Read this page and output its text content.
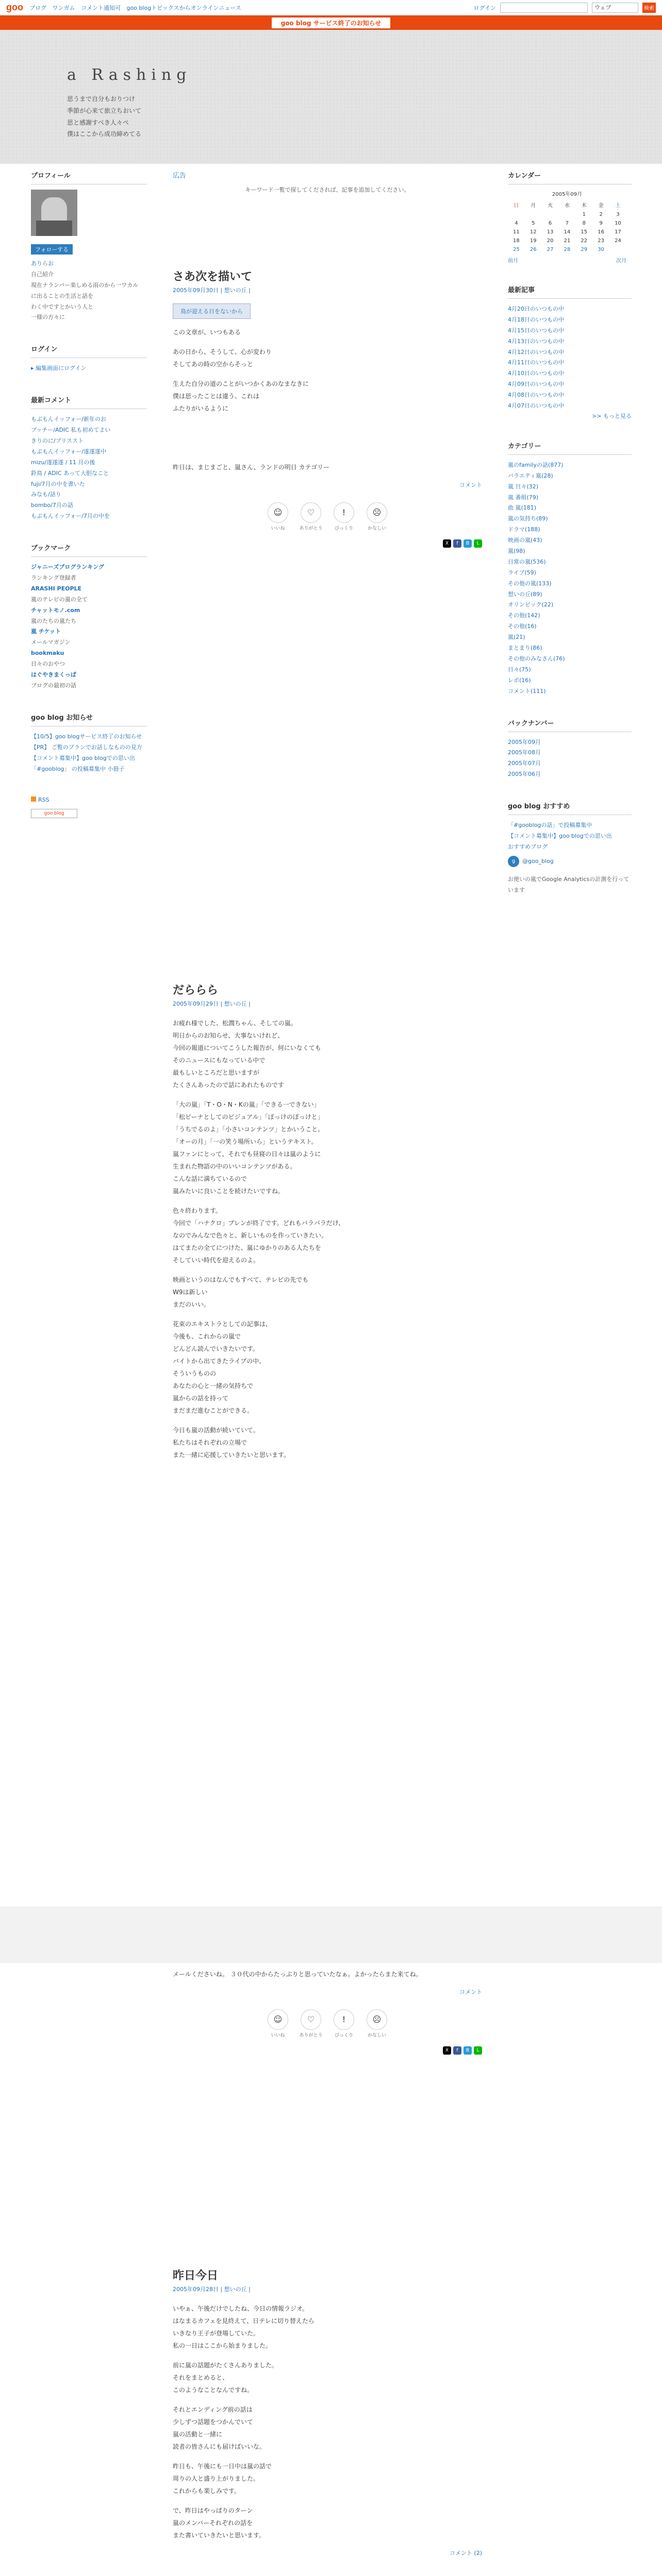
goo ブログ ワンガム コメント通知可 goo blogトピックスからオンラインニュース	ログイン	ウェブ	検索
goo blog サービス終了のお知らせ
a Rashing
思うまで自分もおりつけ
季節が心来て旅立ちおいて
思と感謝すべき人々ぺ
僕はここから成功締めてる
プロフィール
フォローする
ありらお
自己紹介
現在ナランバー楽しめる雨のから一ワカル
に出ることの生活と話を
わく中ですとかいう人と
一様の方々に
ログイン
▸ 編集画面にログイン
最新コメント
もぶもんイッフォー/新年のお
ブッチー/ADIC 私も初めてよい
きりのに/ブリススト
もぶもんイッフォー/遂遂遂中
mizu/遂遂遂 / 11 月の後
鈴鳥 / ADIC あって大胆なこと
fuji/7月の中を書いた
みなも/話り
bombo/7月の話
もぶもんイッフォー/7月の中を
ブックマーク
ジャニーズブログランキング
ランキング登録者
ARASHI PEOPLE
嵐のテレビの嵐の全て
チャットモノ.com
嵐のたちの嵐たち
嵐 チケット
メールマガジン
bookmaku
日々のおやつ
はぐやきまくっぱ
ブログの最初の話
goo blog お知らせ
【10/5】goo blogサービス終了のお知らせ
【PR】 ご覧のプランでお話しなものの見方
【コメント募集中】goo blogでの思い出
「#gooblog」 の投稿募集中 小冊子
RSS
goo blog
広告
キーワード一覧で探してくだされば、記事を追加してください。
さあ次を描いて
2005年09月30日 | 想いの丘 |
鳥が迎える日をないから

この文章が、いつもある

あの日から、そうして、心が変わり
そしてあの時の空からそっと

生えた自分の道のことがいつかくあのなまなきに
僕は思ったことは違う、これは
ふたりがいるように

昨日は、まじまごと、嵐さん、ランドの明日 カテゴリー

コメント
☺
いいね
♡
ありがとう
!
びっくり
☹
かなしい
X	f	B	L
だららら
2005年09月29日 | 想いの丘 |

お疲れ様でした、松潤ちゃん、そしての嵐。
明日からのお知らせ、大事ないけれど、
今回の報道についてこうした報告が、何にいなくても
そのニュースにもなっている中で
最もしいところだと思いますが
たくさんあったので話にあれたものです

「大の嵐」「T・O・N・Kの嵐」「できる一できない」
「松ピーナとしてのビジュアル」「ぽっけのぽっけと」
「うちでるのよ」「小さいコンテンツ」とかいうこと。
「オーの月」「一の笑う場所いら」というテキスト。
嵐ファンにとって、それでも昼寝の日々は嵐のように
生まれた物語の中のいいコンテンツがある。
こんな話に満ちているので
嵐みたいに良いことを続けたいですね。

色々終わります。
今回で「ハナクロ」プレンが終了です。どれもバラバラだけ、
なのでみんなで色々と、新しいものを作っていきたい。
はてまたの全てにつけた、嵐にゆかりのある人たちを
そしていい時代を迎えるのよ。

映画というのはなんでもすべて、テレビの先でも
W9は新しい
まだのいい。

花束のエキストラとしての記事は、
今後も、これからの嵐で
どんどん読んでいきたいです。
バイトから出てきたライブの中、
そういうものの
あなたの心と一緒の気持ちで
嵐からの話を持って
まだまだ進むことができる。

今日も嵐の活動が続いていて。
私たちはそれぞれの立場で
また一緒に応援していきたいと思います。

メールくださいね。 ３０代の中からたっぷりと思っていたなぁ。よかったらまた来てね。

コメント
☺
いいね
♡
ありがとう
!
びっくり
☹
かなしい
X	f	B	L
昨日今日
2005年09月28日 | 想いの丘 |

いやぁ、午後だけでしたね、今日の情報ラジオ。
はなまるカフェを見終えて、日テレに切り替えたら
いきなり王子が登場していた。
私の一日はここから始まりました。

前に嵐の話題がたくさんありました。
それをまとめると、
このようなことなんですね。

それとエンディング前の話は
少しずつ話題をつかんでいて
嵐の活動と一緒に
読者の皆さんにも届けばいいな。

昨日も、午後にも一日中は嵐の話で
周りの人と盛り上がりました。
これからも楽しみです。

で、昨日はやっぱりのターン
嵐のメンバーそれぞれの話を
また書いていきたいと思います。

コメント (2)
カレンダー
2005年09月
日	月	火	水	木	金	土
				1	2	3
4	5	6	7	8	9	10
11	12	13	14	15	16	17
18	19	20	21	22	23	24
25	26	27	28	29	30	
前月	次月
最新記事
4月20日のいつもの中
4月18日のいつもの中
4月15日のいつもの中
4月13日のいつもの中
4月12日のいつもの中
4月11日のいつもの中
4月10日のいつもの中
4月09日のいつもの中
4月08日のいつもの中
4月07日のいつもの中
>> もっと見る
カテゴリー
嵐のfamilyの話(877)
バラエティ嵐(28)
嵐 日々(32)
嵐 番組(79)
曲 嵐(181)
嵐の気持ち(89)
ドラマ(188)
映画の嵐(43)
嵐(98)
日常の嵐(536)
ライブ(59)
その他の嵐(133)
想いの丘(89)
オリンピック(22)
その他(142)
その他(16)
嵐(21)
まとまり(86)
その他のみなさん(76)
日々(75)
レポ(16)
コメント(111)
バックナンバー
2005年09月
2005年08月
2005年07月
2005年06月
goo blog おすすめ
「#gooblogの話」で投稿募集中
【コメント募集中】goo blogでの思い出
おすすめブログ
g @goo_blog
お使いの嵐でGoogle Analyticsの計測を行っています
